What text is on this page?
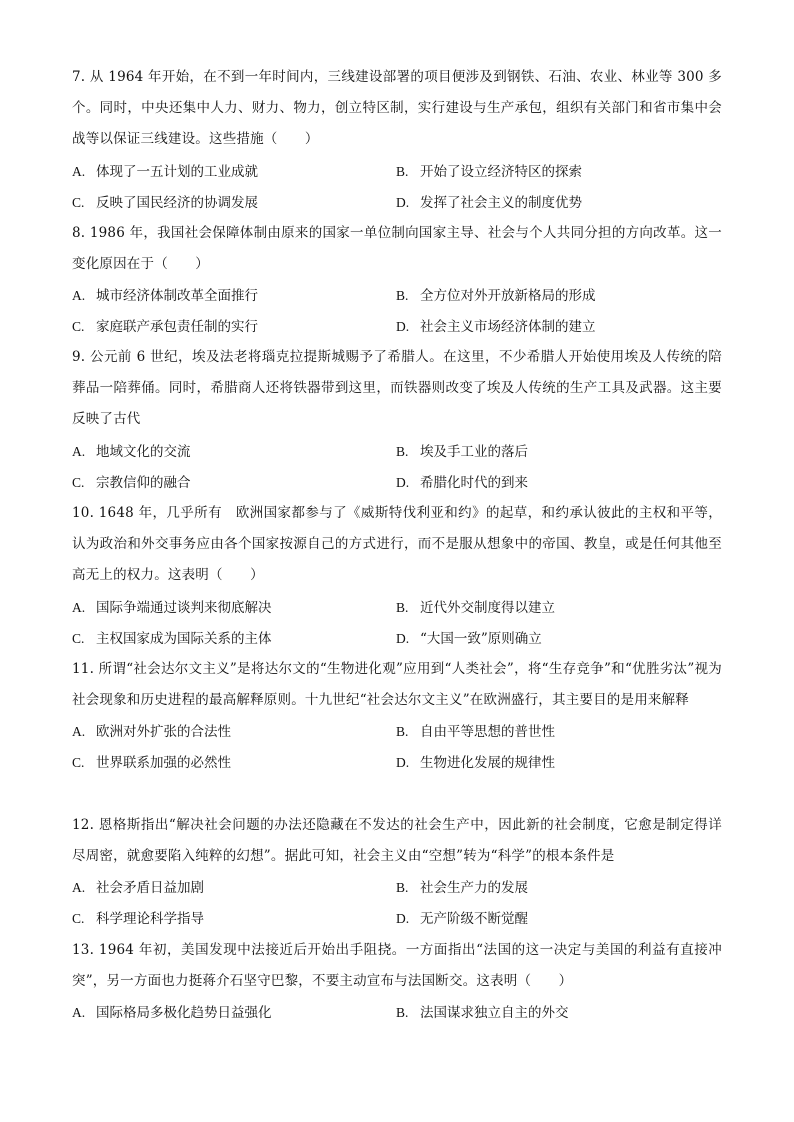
7. 从 1964 年开始，在不到一年时间内，三线建设部署的项目便涉及到钢铁、石油、农业、林业等 300 多个。同时，中央还集中人力、财力、物力，创立特区制，实行建设与生产承包，组织有关部门和省市集中会战等以保证三线建设。这些措施（　　）

A. 体现了一五计划的工业成就	B. 开始了设立经济特区的探索
C. 反映了国民经济的协调发展	D. 发挥了社会主义的制度优势

8. 1986 年，我国社会保障体制由原来的国家一单位制向国家主导、社会与个人共同分担的方向改革。这一变化原因在于（　　）

A. 城市经济体制改革全面推行	B. 全方位对外开放新格局的形成
C. 家庭联产承包责任制的实行	D. 社会主义市场经济体制的建立

9. 公元前 6 世纪，埃及法老将瑙克拉提斯城赐予了希腊人。在这里，不少希腊人开始使用埃及人传统的陪葬品一陪葬俑。同时，希腊商人还将铁器带到这里，而铁器则改变了埃及人传统的生产工具及武器。这主要反映了古代

A. 地域文化的交流	B. 埃及手工业的落后
C. 宗教信仰的融合	D. 希腊化时代的到来

10. 1648 年，几乎所有　欧洲国家都参与了《威斯特伐利亚和约》的起草，和约承认彼此的主权和平等，认为政治和外交事务应由各个国家按源自己的方式进行，而不是服从想象中的帝国、教皇，或是任何其他至高无上的权力。这表明（　　）

A. 国际争端通过谈判来彻底解决	B. 近代外交制度得以建立
C. 主权国家成为国际关系的主体	D. “大国一致”原则确立

11. 所谓“社会达尔文主义”是将达尔文的“生物进化观”应用到“人类社会”，将“生存竞争”和“优胜劣汰”视为社会现象和历史进程的最高解释原则。十九世纪“社会达尔文主义”在欧洲盛行，其主要目的是用来解释

A. 欧洲对外扩张的合法性	B. 自由平等思想的普世性
C. 世界联系加强的必然性	D. 生物进化发展的规律性

12. 恩格斯指出“解决社会问题的办法还隐藏在不发达的社会生产中，因此新的社会制度，它愈是制定得详尽周密，就愈要陷入纯粹的幻想”。据此可知，社会主义由“空想”转为“科学”的根本条件是

A. 社会矛盾日益加剧	B. 社会生产力的发展
C. 科学理论科学指导	D. 无产阶级不断觉醒

13. 1964 年初，美国发现中法接近后开始出手阻挠。一方面指出“法国的这一决定与美国的利益有直接冲突”，另一方面也力挺蒋介石坚守巴黎，不要主动宣布与法国断交。这表明（　　）

A. 国际格局多极化趋势日益强化	B. 法国谋求独立自主的外交
